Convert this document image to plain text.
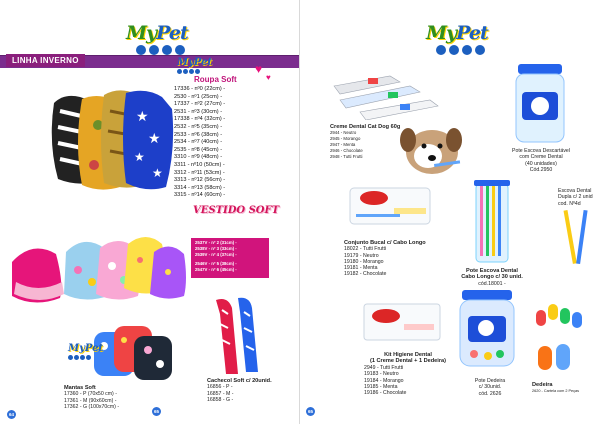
MyPet
LINHA INVERNO
★
★
★
★
MyPet	♥
♥
Roupa Soft
17336 - nº0 (22cm) -
2530 - nº1 (25cm) -
17337 - nº2 (27cm) -
2531 - nº3 (30cm) -
17338 - nº4 (32cm) -
2532 - nº5 (35cm) -
2533 - nº6 (38cm) -
2534 - nº7 (40cm) -
2535 - nº8 (45cm) -
3310 - nº9 (48cm) -
3311 - nº10 (50cm) -
3312 - nº11 (53cm) -
3313 - nº12 (56cm) -
3314 - nº13 (58cm) -
3315 - nº14 (60cm) -
VESTIDO SOFT
2537V - nº 2 (31cm) -
2538V - nº 3 (33cm) -
2539V - nº 4 (37cm) -
2546V - nº 5 (38cm) -
2547V - nº 6 (45cm) -
MyPet
Mantas Soft
17360 - P (70x50 cm) -
17361 - M (90x60cm) -
17362 - G (100x70cm) -
Cachecol Soft c/ 20unid.
16856 - P -
16857 - M -
16858 - G -
64
65
MyPet
Creme Dental Cat Dog 60g
2944 - Neutro
2945 - Morango
2947 - Menta
2946 - Chocolate
2948 - Tutti Frutti
Pote Escova Descartável
com Creme Dental
(40 unidades)
Cód.2950
Escova Dental
Dupla c/ 2 unid
cod. Nº4d
Conjunto Bucal c/ Cabo Longo
18022 - Tutti Frutti
19179 - Neutro
19180 - Morango
19181 - Menta
19182 - Chocolate
Pote Escova Dental
Cabo Longo c/ 30 unid.
cód.18001 -
Kit Higiene Dental
(1 Creme Dental + 1 Dedeira)
2949 - Tutti Frutti
19183 - Neutro
19184 - Morango
19185 - Menta
19186 - Chocolate
Pote Dedeira
c/ 30unid.
cód. 2626
Dedeira
2620 - Cartela com 2 Peças
65
